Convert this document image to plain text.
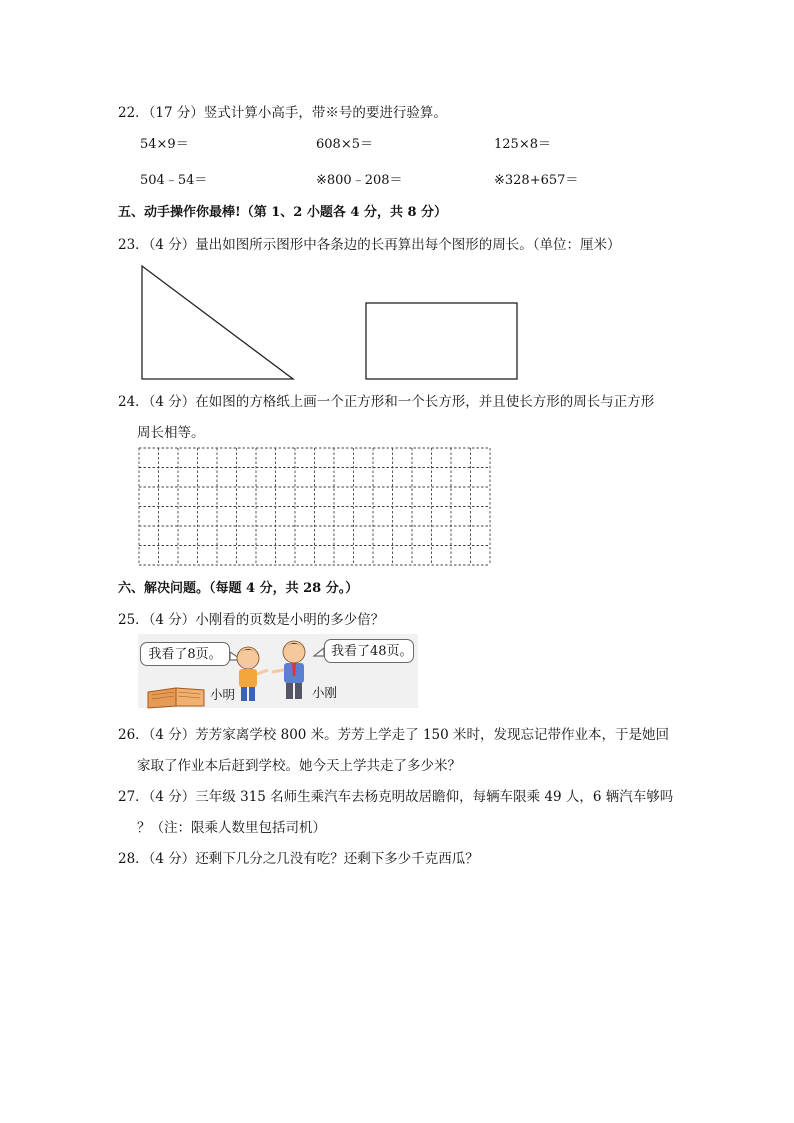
22．（17 分）竖式计算小高手，带※号的要进行验算。
54×9＝	608×5＝	125×8＝
504﹣54＝	※800﹣208＝	※328+657＝
五、动手操作你最棒!（第 1、2 小题各 4 分，共 8 分）
23．（4 分）量出如图所示图形中各条边的长再算出每个图形的周长。（单位：厘米）
24．（4 分）在如图的方格纸上画一个正方形和一个长方形，并且使长方形的周长与正方形
周长相等。
六、解决问题。（每题 4 分，共 28 分。）
25．（4 分）小刚看的页数是小明的多少倍？
我看了8页。	我看了48页。
小明	小刚
26．（4 分）芳芳家离学校 800 米。芳芳上学走了 150 米时，发现忘记带作业本，于是她回
家取了作业本后赶到学校。她今天上学共走了多少米？
27．（4 分）三年级 315 名师生乘汽车去杨克明故居瞻仰，每辆车限乘 49 人，6 辆汽车够吗
？（注：限乘人数里包括司机）
28．（4 分）还剩下几分之几没有吃？还剩下多少千克西瓜？
